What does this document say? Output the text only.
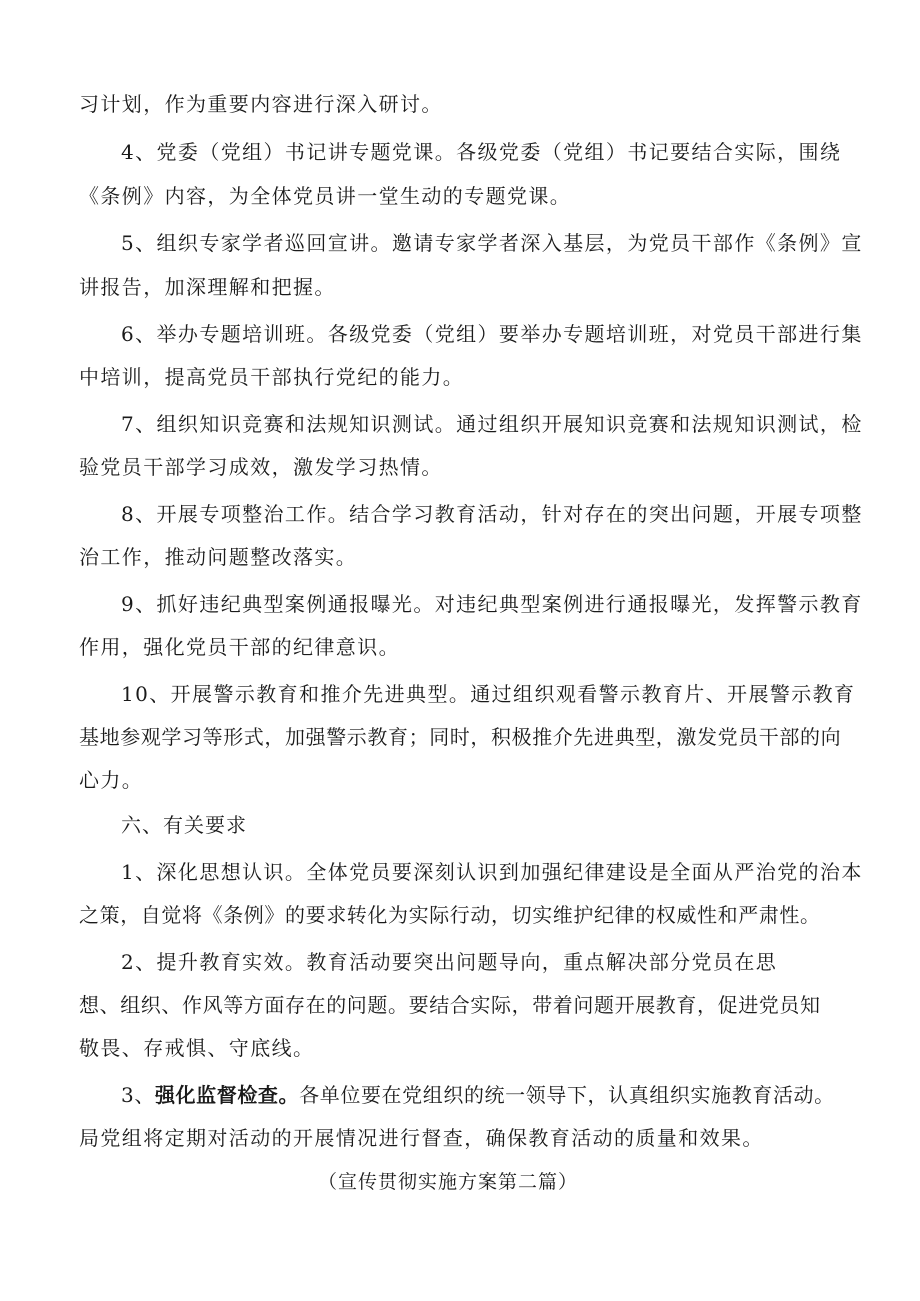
习计划，作为重要内容进行深入研讨。
4、党委（党组）书记讲专题党课。各级党委（党组）书记要结合实际，围绕
《条例》内容，为全体党员讲一堂生动的专题党课。
5、组织专家学者巡回宣讲。邀请专家学者深入基层，为党员干部作《条例》宣
讲报告，加深理解和把握。
6、举办专题培训班。各级党委（党组）要举办专题培训班，对党员干部进行集
中培训，提高党员干部执行党纪的能力。
7、组织知识竞赛和法规知识测试。通过组织开展知识竞赛和法规知识测试，检
验党员干部学习成效，激发学习热情。
8、开展专项整治工作。结合学习教育活动，针对存在的突出问题，开展专项整
治工作，推动问题整改落实。
9、抓好违纪典型案例通报曝光。对违纪典型案例进行通报曝光，发挥警示教育
作用，强化党员干部的纪律意识。
10、开展警示教育和推介先进典型。通过组织观看警示教育片、开展警示教育
基地参观学习等形式，加强警示教育；同时，积极推介先进典型，激发党员干部的向
心力。
六、有关要求
1、深化思想认识。全体党员要深刻认识到加强纪律建设是全面从严治党的治本
之策，自觉将《条例》的要求转化为实际行动，切实维护纪律的权威性和严肃性。
2、提升教育实效。教育活动要突出问题导向，重点解决部分党员在思
想、组织、作风等方面存在的问题。要结合实际，带着问题开展教育，促进党员知
敬畏、存戒惧、守底线。
3、强化监督检查。各单位要在党组织的统一领导下，认真组织实施教育活动。
局党组将定期对活动的开展情况进行督查，确保教育活动的质量和效果。
（宣传贯彻实施方案第二篇）
